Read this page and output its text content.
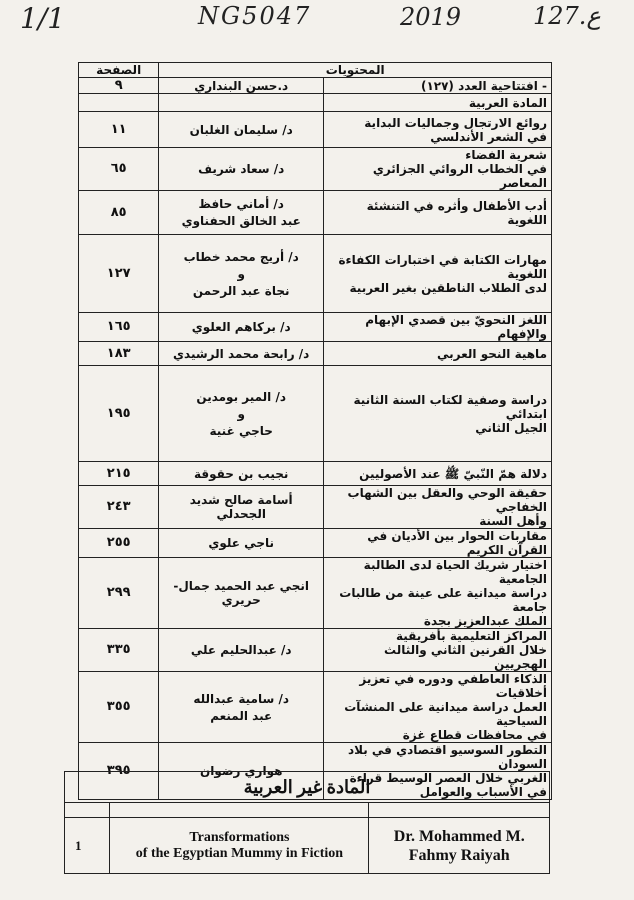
1/1	NG5047	2019	127.ع
المحتويات		الصفحة
- افتتاحية العدد (١٢٧)	د.حسن البنداري	٩
المادة العربية		

روائع الارتجال وجماليات البداية
في الشعر الأندلسي	د/ سليمان الغلبان	١١

شعرية الفضاء
في الخطاب الروائي الجزائري المعاصر	د/ سعاد شريف	٦٥

أدب الأطفال وأثره في التنشئة اللغوية	د/ أماني حافظ
عبد الخالق الحفناوي	٨٥

مهارات الكتابة في اختبارات الكفاءة اللغوية
لدى الطلاب الناطقين بغير العربية	د/ أريج محمد خطاب
و
نجاة عبد الرحمن	١٢٧

اللغز النحويّ بين قصدي الإبهام والإفهام	د/ بركاهم العلوي	١٦٥

ماهية النحو العربي	د/ رابحة محمد الرشيدي	١٨٣

دراسة وصفية لكتاب السنة الثانية ابتدائي
الجيل الثاني	د/ المير بومدين
و
حاجي غنية	١٩٥

دلالة همّ النّبيّ ﷺ عند الأصوليين	نجيب بن حقوقة	٢١٥

حقيقة الوحي والعقل بين الشهاب الخفاجي
وأهل السنة	أسامة صالح شديد الجحدلي	٢٤٣

مقاربات الحوار بين الأديان في القرآن الكريم	ناجي علوي	٢٥٥

اختيار شريك الحياة لدى الطالبة الجامعية
دراسة ميدانية على عينة من طالبات جامعة
الملك عبدالعزيز بجدة	انجي عبد الحميد جمال-حريري	٢٩٩

المراكز التعليمية بأفريقية
خلال القرنين الثاني والثالث الهجريين	د/ عبدالحليم علي	٣٣٥

الذكاء العاطفي ودوره في تعزيز أخلاقيات
العمل دراسة ميدانية على المنشآت السياحية
في محافظات قطاع غزة	د/ سامية عبدالله
عبد المنعم	٣٥٥

التطور السوسيو اقتصادي في بلاد السودان
الغربي خلال العصر الوسيط قراءة
في الأسباب والعوامل	هواري رضوان	٣٩٥
المادة غير العربية		

1	Transformations
of the Egyptian Mummy in Fiction	Dr. Mohammed M.
Fahmy Raiyah
